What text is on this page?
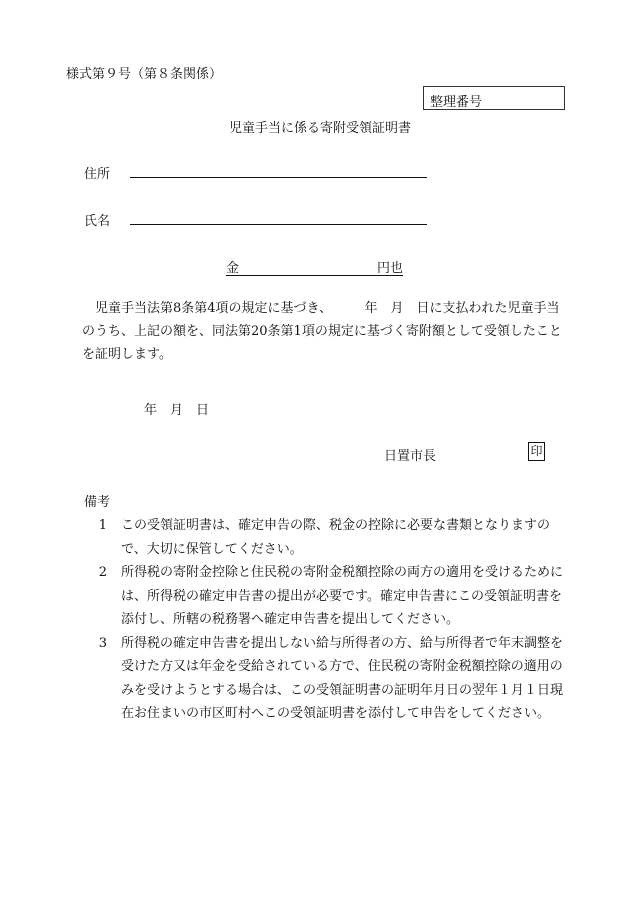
様式第９号（第８条関係）
整理番号
児童手当に係る寄附受領証明書
住所
氏名
金	円也

　児童手当法第8条第4項の規定に基づき、　　　年　月　日に支払われた児童手当のうち、上記の額を、同法第20条第1項の規定に基づく寄附額として受領したことを証明します。

年　月　日
日置市長	印
備考
1	この受領証明書は、確定申告の際、税金の控除に必要な書類となりますので、大切に保管してください。
2	所得税の寄附金控除と住民税の寄附金税額控除の両方の適用を受けるためには、所得税の確定申告書の提出が必要です。確定申告書にこの受領証明書を添付し、所轄の税務署へ確定申告書を提出してください。
3	所得税の確定申告書を提出しない給与所得者の方、給与所得者で年末調整を受けた方又は年金を受給されている方で、住民税の寄附金税額控除の適用のみを受けようとする場合は、この受領証明書の証明年月日の翌年１月１日現在お住まいの市区町村へこの受領証明書を添付して申告をしてください。
